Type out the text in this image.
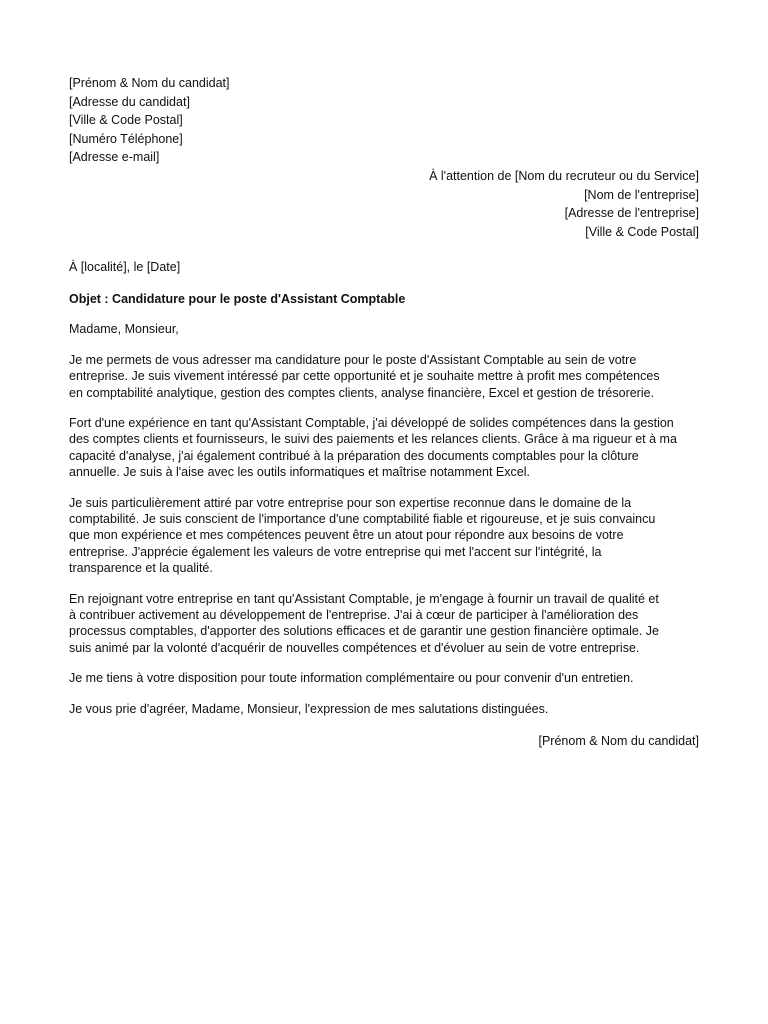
[Prénom & Nom du candidat]

[Adresse du candidat]

[Ville & Code Postal]

[Numéro Téléphone]

[Adresse e-mail]

À l'attention de [Nom du recruteur ou du Service]

[Nom de l'entreprise]

[Adresse de l'entreprise]

[Ville & Code Postal]

À [localité], le [Date]

Objet : Candidature pour le poste d'Assistant Comptable

Madame, Monsieur,

Je me permets de vous adresser ma candidature pour le poste d'Assistant Comptable au sein de votre

entreprise. Je suis vivement intéressé par cette opportunité et je souhaite mettre à profit mes compétences

en comptabilité analytique, gestion des comptes clients, analyse financière, Excel et gestion de trésorerie.

Fort d'une expérience en tant qu'Assistant Comptable, j'ai développé de solides compétences dans la gestion

des comptes clients et fournisseurs, le suivi des paiements et les relances clients. Grâce à ma rigueur et à ma

capacité d'analyse, j'ai également contribué à la préparation des documents comptables pour la clôture

annuelle. Je suis à l'aise avec les outils informatiques et maîtrise notamment Excel.

Je suis particulièrement attiré par votre entreprise pour son expertise reconnue dans le domaine de la

comptabilité. Je suis conscient de l'importance d'une comptabilité fiable et rigoureuse, et je suis convaincu

que mon expérience et mes compétences peuvent être un atout pour répondre aux besoins de votre

entreprise. J'apprécie également les valeurs de votre entreprise qui met l'accent sur l'intégrité, la

transparence et la qualité.

En rejoignant votre entreprise en tant qu'Assistant Comptable, je m'engage à fournir un travail de qualité et

à contribuer activement au développement de l'entreprise. J'ai à cœur de participer à l'amélioration des

processus comptables, d'apporter des solutions efficaces et de garantir une gestion financière optimale. Je

suis animé par la volonté d'acquérir de nouvelles compétences et d'évoluer au sein de votre entreprise.

Je me tiens à votre disposition pour toute information complémentaire ou pour convenir d'un entretien.

Je vous prie d'agréer, Madame, Monsieur, l'expression de mes salutations distinguées.

[Prénom & Nom du candidat]
